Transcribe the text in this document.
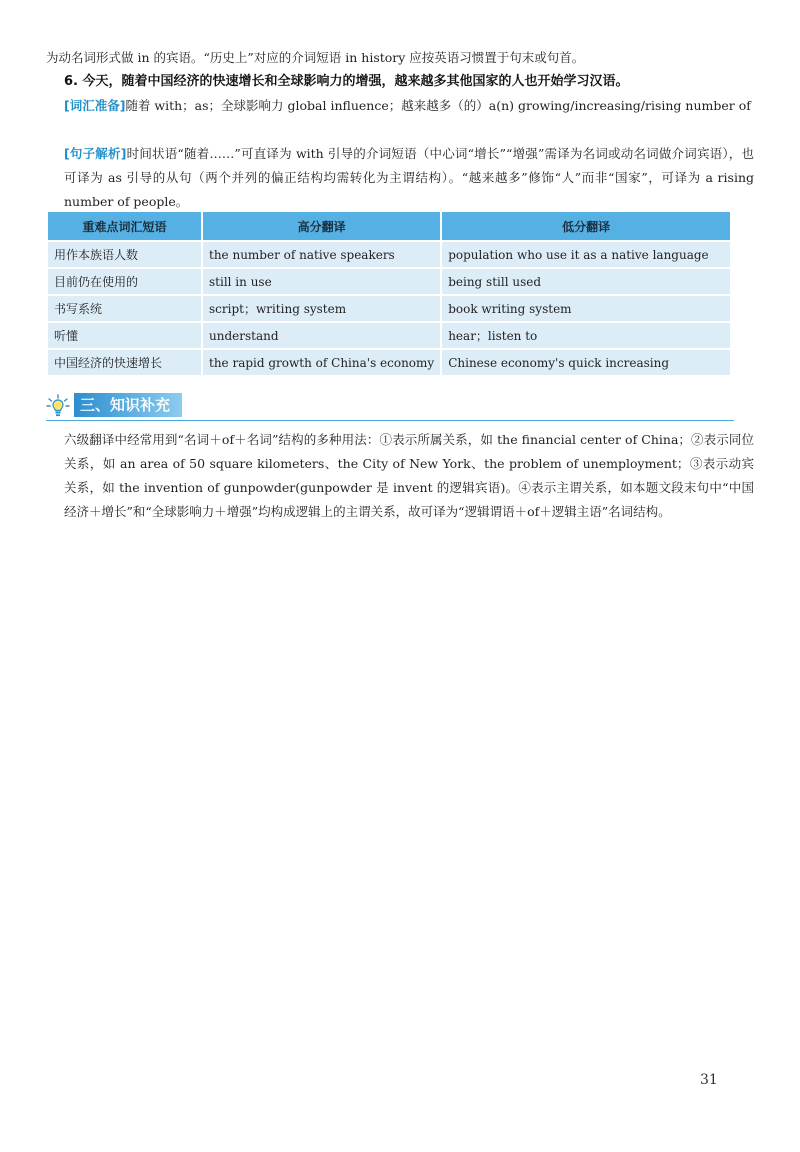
为动名词形式做 in 的宾语。“历史上”对应的介词短语 in history 应按英语习惯置于句末或句首。
6. 今天，随着中国经济的快速增长和全球影响力的增强，越来越多其他国家的人也开始学习汉语。
[词汇准备]随着 with；as；全球影响力 global influence；越来越多（的）a(n) growing/increasing/rising number of
[句子解析]时间状语“随着……”可直译为 with 引导的介词短语（中心词“增长”“增强”需译为名词或动名词做介词宾语），也可译为 as 引导的从句（两个并列的偏正结构均需转化为主谓结构）。“越来越多”修饰“人”而非“国家”，可译为 a rising number of people。
重难点词汇短语	高分翻译	低分翻译
用作本族语人数	the number of native speakers	population who use it as a native language
目前仍在使用的	still in use	being still used
书写系统	script；writing system	book writing system
听懂	understand	hear；listen to
中国经济的快速增长	the rapid growth of China's economy	Chinese economy's quick increasing
三、知识补充
六级翻译中经常用到“名词＋of＋名词”结构的多种用法：①表示所属关系，如 the financial center of China；②表示同位关系，如 an area of 50 square kilometers、the City of New York、the problem of unemployment；③表示动宾关系，如 the invention of gunpowder(gunpowder 是 invent 的逻辑宾语)。④表示主谓关系，如本题文段末句中“中国经济＋增长”和“全球影响力＋增强”均构成逻辑上的主谓关系，故可译为“逻辑谓语＋of＋逻辑主语”名词结构。
31
